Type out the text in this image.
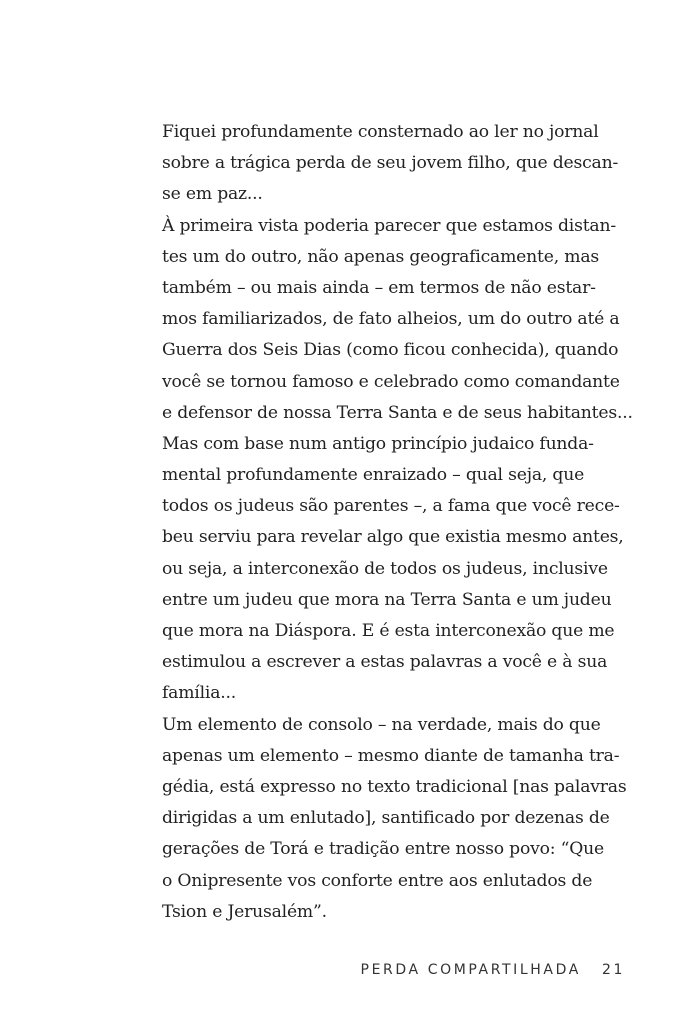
Fiquei profundamente consternado ao ler no jornal
sobre a trágica perda de seu jovem filho, que descan-
se em paz...
À primeira vista poderia parecer que estamos distan-
tes um do outro, não apenas geograficamente, mas
também – ou mais ainda – em termos de não estar-
mos familiarizados, de fato alheios, um do outro até a
Guerra dos Seis Dias (como ficou conhecida), quando
você se tornou famoso e celebrado como comandante
e defensor de nossa Terra Santa e de seus habitantes...
Mas com base num antigo princípio judaico funda-
mental profundamente enraizado – qual seja, que
todos os judeus são parentes –, a fama que você rece-
beu serviu para revelar algo que existia mesmo antes,
ou seja, a interconexão de todos os judeus, inclusive
entre um judeu que mora na Terra Santa e um judeu
que mora na Diáspora. E é esta interconexão que me
estimulou a escrever a estas palavras a você e à sua
família...
Um elemento de consolo – na verdade, mais do que
apenas um elemento – mesmo diante de tamanha tra-
gédia, está expresso no texto tradicional [nas palavras
dirigidas a um enlutado], santificado por dezenas de
gerações de Torá e tradição entre nosso povo: “Que
o Onipresente vos conforte entre aos enlutados de
Tsion e Jerusalém”.
PERDA COMPARTILHADA 21
